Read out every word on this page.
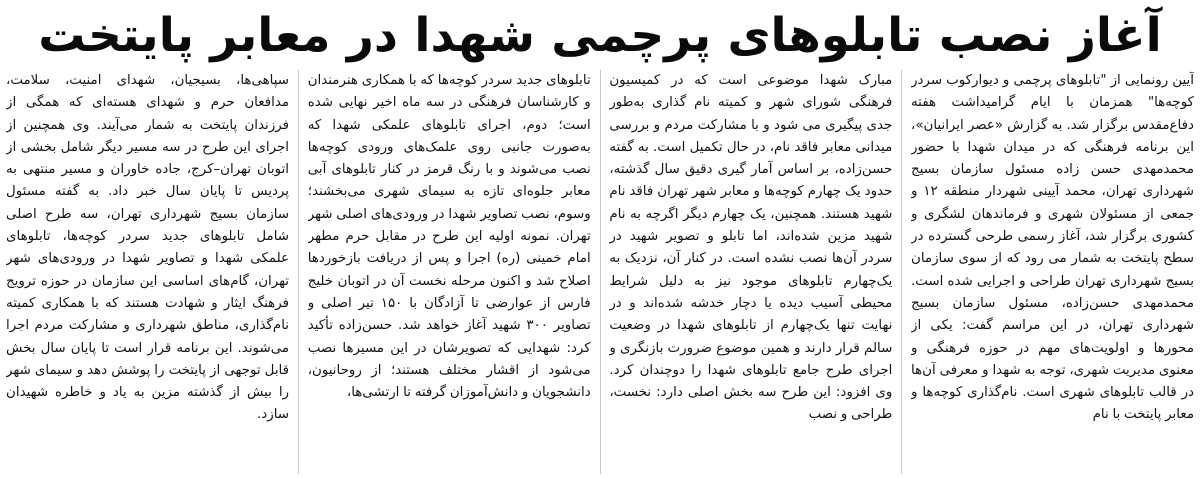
آغاز نصب تابلوهای پرچمی شهدا در معابر پایتخت
آیین رونمایی از "تابلوهای پرچمی و دیوارکوب سردر کوچه‌ها" همزمان با ایام گرامیداشت هفته دفاع‌مقدس برگزار شد. به گزارش «عصر ایرانیان»، این برنامه فرهنگی که در میدان شهدا با حضور محمدمهدی حسن زاده مسئول سازمان بسیج شهرداری تهران، محمد آیینی شهردار منطقه ۱۲ و جمعی از مسئولان شهری و فرماندهان لشگری و کشوری برگزار شد، آغاز رسمی طرحی گسترده در سطح پایتخت به شمار می رود که از سوی سازمان بسیج شهرداری تهران طراحی و اجرایی شده است. محمدمهدی حسن‌زاده، مسئول سازمان بسیج شهرداری تهران، در این مراسم گفت: یکی از محورها و اولویت‌های مهم در حوزه فرهنگی و معنوی مدیریت شهری، توجه به شهدا و معرفی آن‌ها در قالب تابلوهای شهری است. نام‌گذاری کوچه‌ها و معابر پایتخت با نام
مبارک شهدا موضوعی است که در کمیسیون فرهنگی شورای شهر و کمیته نام گذاری به‌طور جدی پیگیری می شود و با مشارکت مردم و بررسی میدانی معابر فاقد نام، در حال تکمیل است. به گفته حسن‌زاده، بر اساس آمار گیری دقیق سال گذشته، حدود یک چهارم کوچه‌ها و معابر شهر تهران فاقد نام شهید هستند. همچنین، یک چهارم دیگر اگرچه به نام شهید مزین شده‌اند، اما تابلو و تصویر شهید در سردر آن‌ها نصب نشده است. در کنار آن، نزدیک به یک‌چهارم تابلوهای موجود نیز به دلیل شرایط محیطی آسیب دیده یا دچار خدشه شده‌اند و در نهایت تنها یک‌چهارم از تابلوهای شهدا در وضعیت سالم قرار دارند و همین موضوع ضرورت بازنگری و اجرای طرح جامع تابلوهای شهدا را دوچندان کرد. وی افزود: این طرح سه بخش اصلی دارد: نخست، طراحی و نصب
تابلوهای جدید سردر کوچه‌ها که با همکاری هنرمندان و کارشناسان فرهنگی در سه ماه اخیر نهایی شده است؛ دوم، اجرای تابلوهای علمکی شهدا که به‌صورت جانبی روی علمک‌های ورودی کوچه‌ها نصب می‌شوند و با رنگ قرمز در کنار تابلوهای آبی معابر جلوه‌ای تازه به سیمای شهری می‌بخشند؛ وسوم، نصب تصاویر شهدا در ورودی‌های اصلی شهر تهران. نمونه اولیه این طرح در مقابل حرم مطهر امام خمینی (ره) اجرا و پس از دریافت بازخوردها اصلاح شد و اکنون مرحله نخست آن در اتوبان خلیج فارس از عوارضی تا آزادگان با ۱۵۰ تیر اصلی و تصاویر ۳۰۰ شهید آغاز خواهد شد. حسن‌زاده تأکید کرد: شهدایی که تصویرشان در این مسیرها نصب می‌شود از اقشار مختلف هستند؛ از روحانیون، دانشجویان و دانش‌آموزان گرفته تا ارتشی‌ها،
سپاهی‌ها، بسیجیان، شهدای امنیت، سلامت، مدافعان حرم و شهدای هسته‌ای که همگی از فرزندان پایتخت به شمار می‌آیند. وی همچنین از اجرای این طرح در سه مسیر دیگر شامل بخشی از اتوبان تهران–کرج، جاده خاوران و مسیر منتهی به پردیس تا پایان سال خبر داد. به گفته مسئول سازمان بسیج شهرداری تهران، سه طرح اصلی شامل تابلوهای جدید سردر کوچه‌ها، تابلوهای علمکی شهدا و تصاویر شهدا در ورودی‌های شهر تهران، گام‌های اساسی این سازمان در حوزه ترویج فرهنگ ایثار و شهادت هستند که با همکاری کمیته نام‌گذاری، مناطق شهرداری و مشارکت مردم اجرا می‌شوند. این برنامه قرار است تا پایان سال بخش قابل توجهی از پایتخت را پوشش دهد و سیمای شهر را بیش از گذشته مزین به یاد و خاطره شهیدان سازد.
